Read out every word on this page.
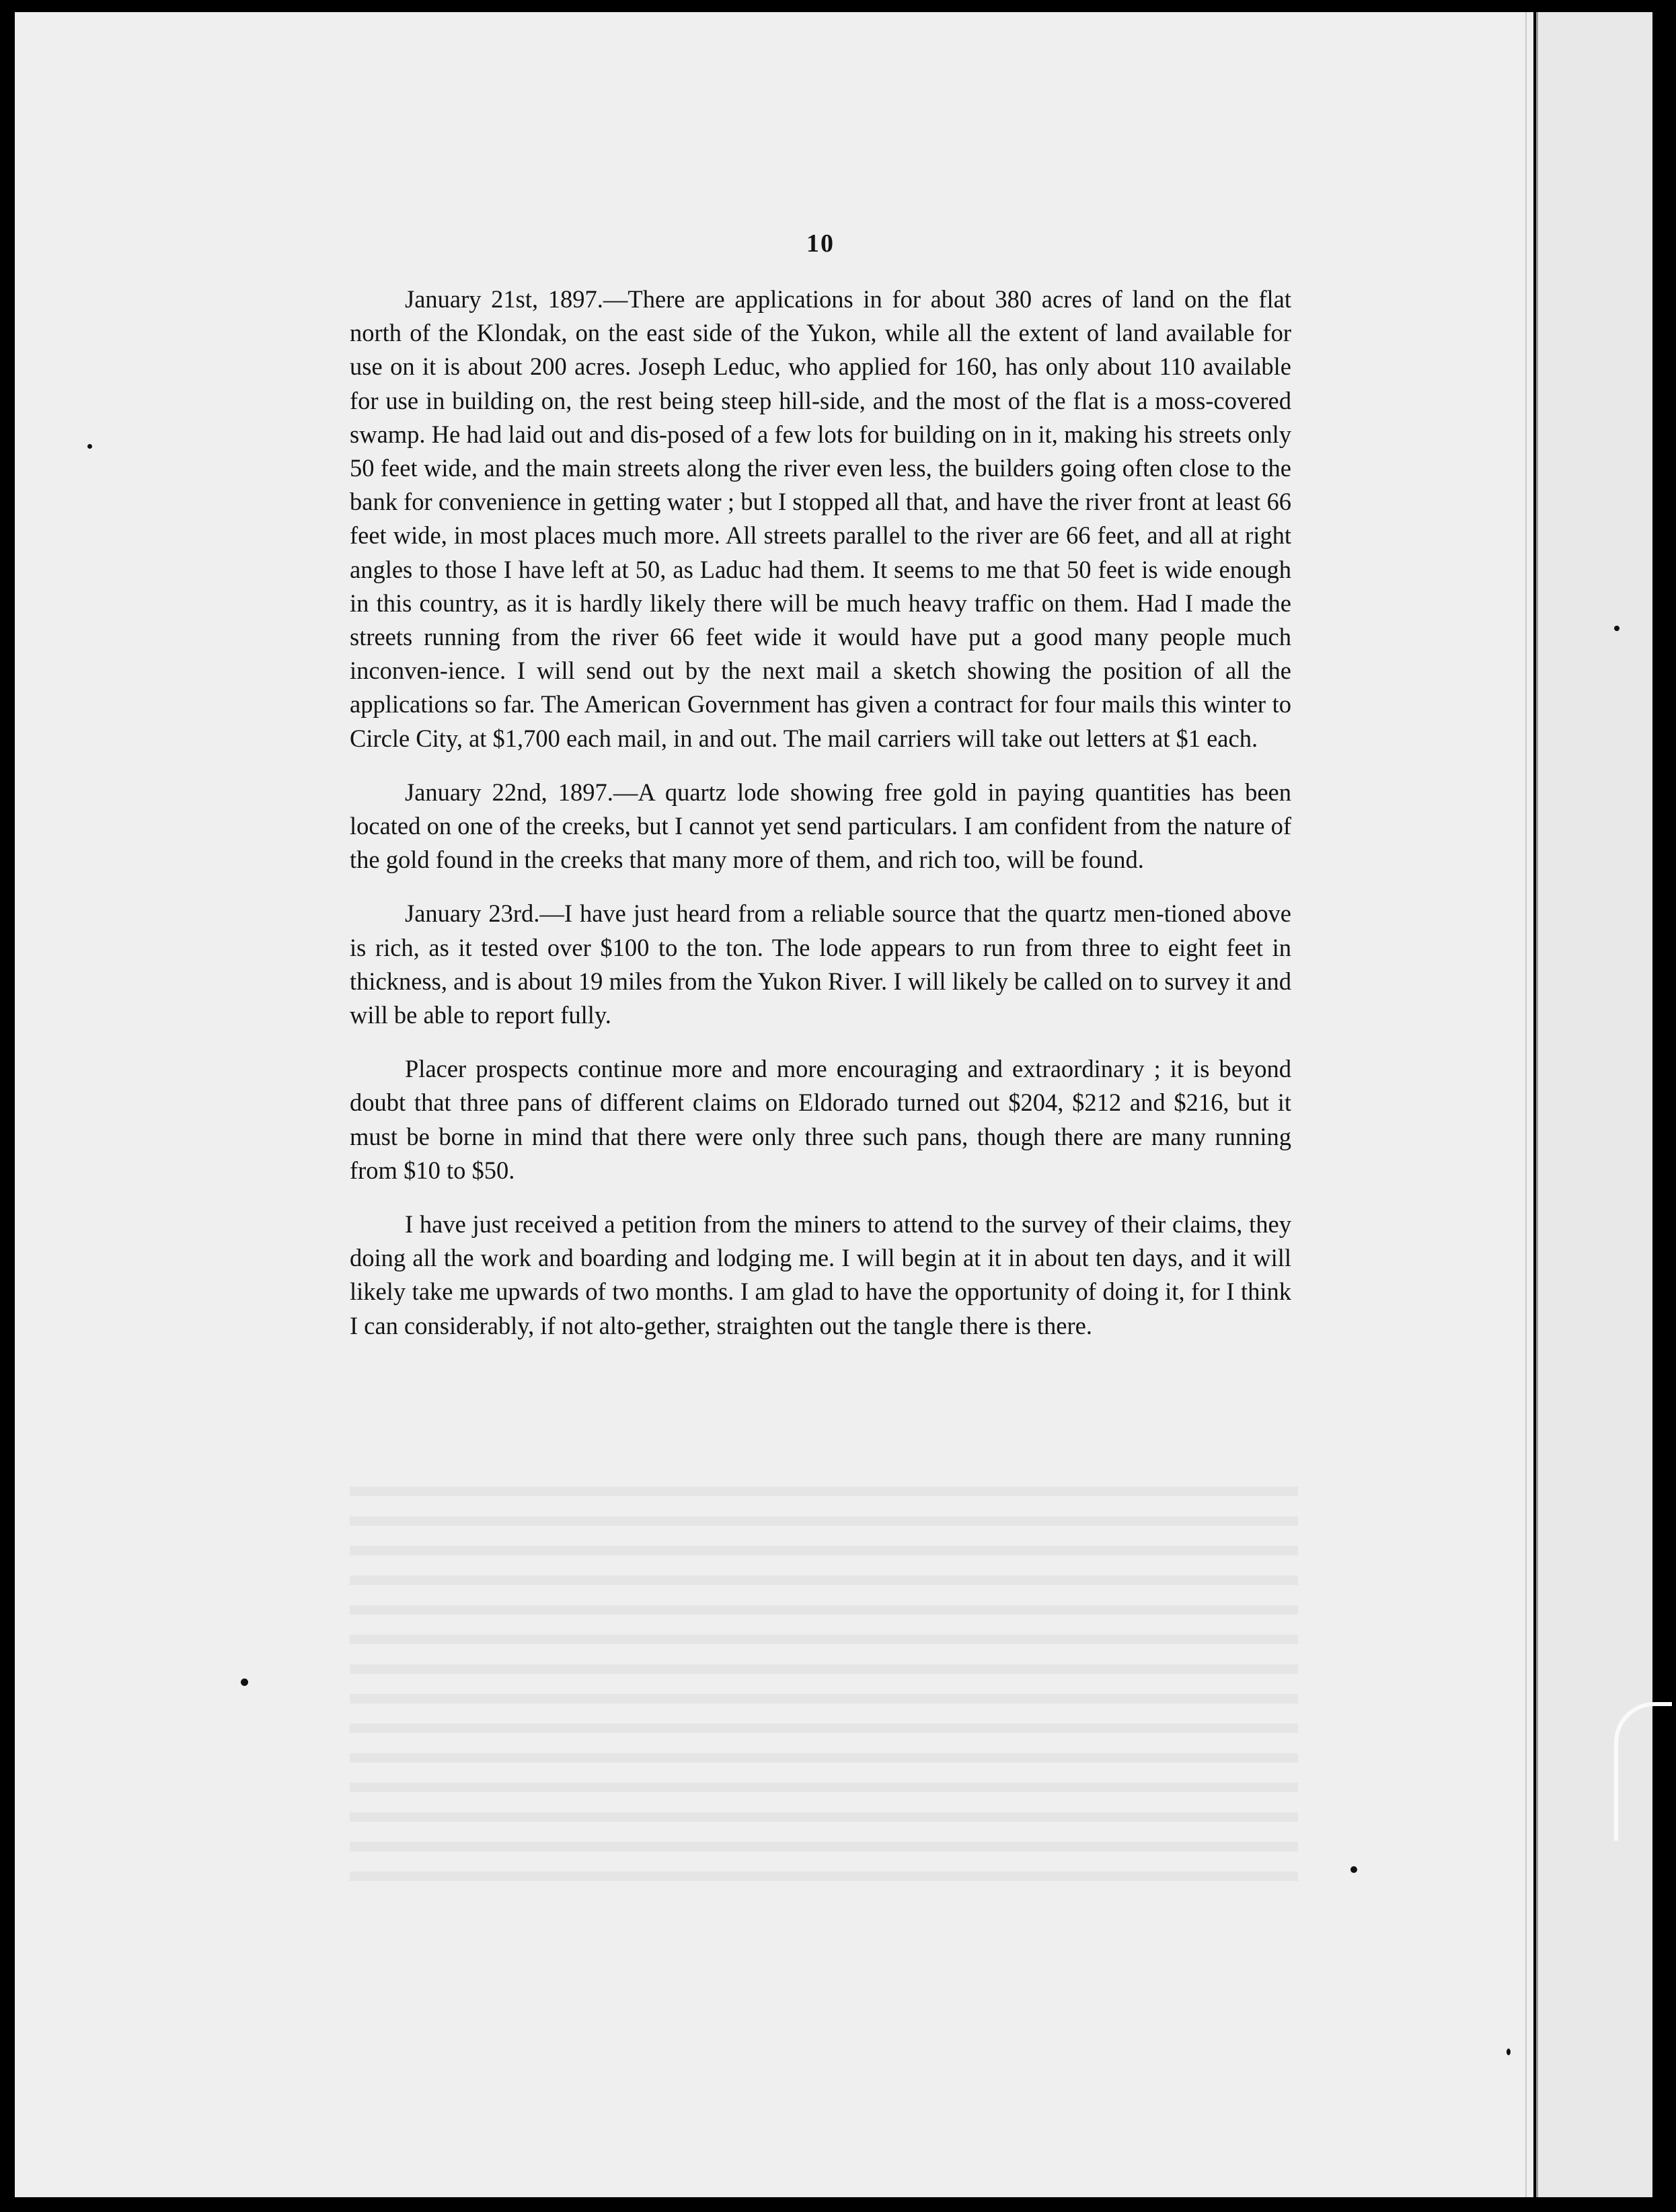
10

January 21st, 1897.—There are applications in for about 380 acres of land on the flat north of the Klondak, on the east side of the Yukon, while all the extent of land available for use on it is about 200 acres. Joseph Leduc, who applied for 160, has only about 110 available for use in building on, the rest being steep hill-side, and the most of the flat is a moss-covered swamp. He had laid out and dis-posed of a few lots for building on in it, making his streets only 50 feet wide, and the main streets along the river even less, the builders going often close to the bank for convenience in getting water ; but I stopped all that, and have the river front at least 66 feet wide, in most places much more. All streets parallel to the river are 66 feet, and all at right angles to those I have left at 50, as Laduc had them. It seems to me that 50 feet is wide enough in this country, as it is hardly likely there will be much heavy traffic on them. Had I made the streets running from the river 66 feet wide it would have put a good many people much inconven-ience. I will send out by the next mail a sketch showing the position of all the applications so far. The American Government has given a contract for four mails this winter to Circle City, at $1,700 each mail, in and out. The mail carriers will take out letters at $1 each.

January 22nd, 1897.—A quartz lode showing free gold in paying quantities has been located on one of the creeks, but I cannot yet send particulars. I am confident from the nature of the gold found in the creeks that many more of them, and rich too, will be found.

January 23rd.—I have just heard from a reliable source that the quartz men-tioned above is rich, as it tested over $100 to the ton. The lode appears to run from three to eight feet in thickness, and is about 19 miles from the Yukon River. I will likely be called on to survey it and will be able to report fully.

Placer prospects continue more and more encouraging and extraordinary ; it is beyond doubt that three pans of different claims on Eldorado turned out $204, $212 and $216, but it must be borne in mind that there were only three such pans, though there are many running from $10 to $50.

I have just received a petition from the miners to attend to the survey of their claims, they doing all the work and boarding and lodging me. I will begin at it in about ten days, and it will likely take me upwards of two months. I am glad to have the opportunity of doing it, for I think I can considerably, if not alto-gether, straighten out the tangle there is there.
